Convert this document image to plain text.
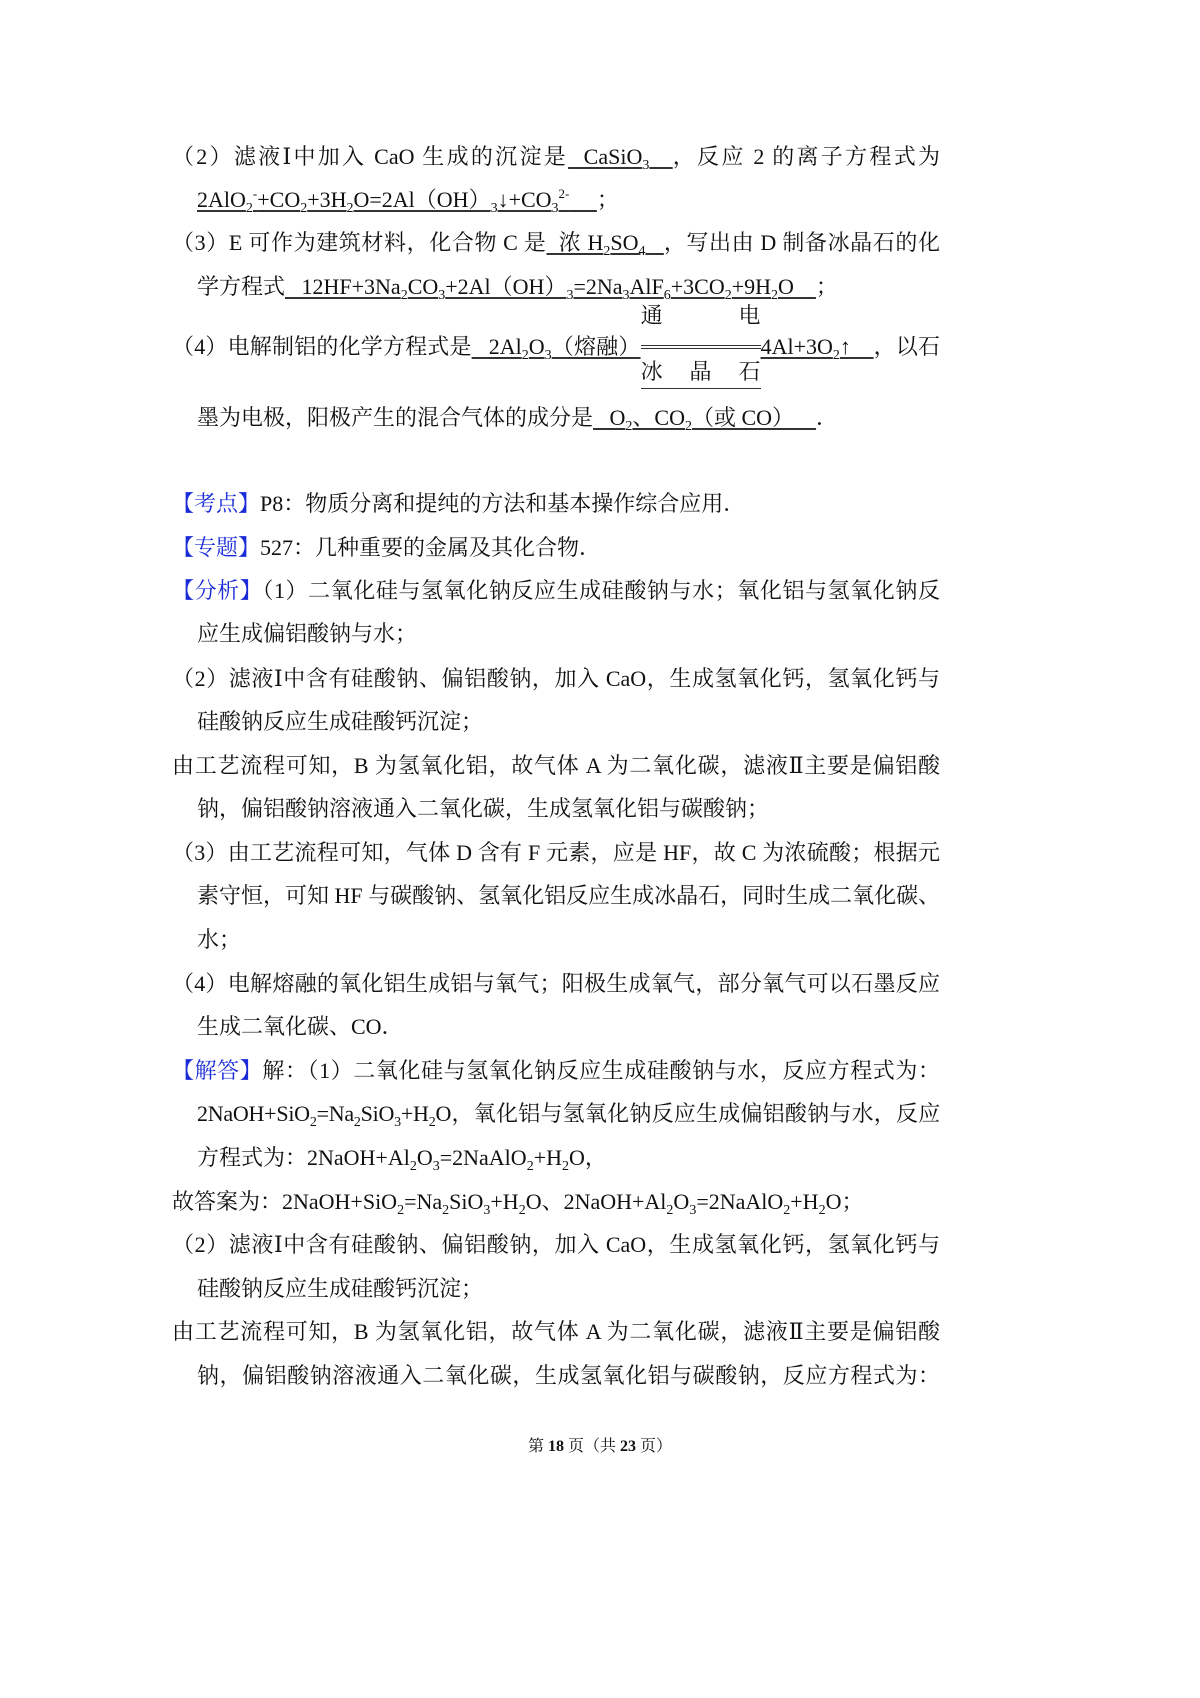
（2）滤液Ⅰ中加入 CaO 生成的沉淀是  CaSiO$_3$ ，反应 2 的离子方程式为
$2AlO_2^-+CO_2+3H_2O=2Al(OH)_3↓+CO_3^{2-}$ ；
（3）E 可作为建筑材料，化合物 C 是  浓 $H_2SO_4$ ，写出由 D 制备冰晶石的化
学方程式   $12HF+3Na_2CO_3+2Al(OH)_3=2Na_3AlF_6+3CO_2+9H_2O$    ；
（4）电解制铝的化学方程式是   $2Al_2O_3$（熔融）
通电
冰晶石
$4Al+3O_2↑$    ，以石
墨为电极，阳极产生的混合气体的成分是   $O_2$、$CO_2$（或 CO）    ．
【考点】P8：物质分离和提纯的方法和基本操作综合应用．
【专题】527：几种重要的金属及其化合物．
【分析】（1）二氧化硅与氢氧化钠反应生成硅酸钠与水；氧化铝与氢氧化钠反
应生成偏铝酸钠与水；
（2）滤液Ⅰ中含有硅酸钠、偏铝酸钠，加入 CaO，生成氢氧化钙，氢氧化钙与
硅酸钠反应生成硅酸钙沉淀；
由工艺流程可知，B 为氢氧化铝，故气体 A 为二氧化碳，滤液Ⅱ主要是偏铝酸
钠，偏铝酸钠溶液通入二氧化碳，生成氢氧化铝与碳酸钠；
（3）由工艺流程可知，气体 D 含有 F 元素，应是 HF，故 C 为浓硫酸；根据元
素守恒，可知 HF 与碳酸钠、氢氧化铝反应生成冰晶石，同时生成二氧化碳、
水；
（4）电解熔融的氧化铝生成铝与氧气；阳极生成氧气，部分氧气可以石墨反应
生成二氧化碳、CO．
【解答】解：（1）二氧化硅与氢氧化钠反应生成硅酸钠与水，反应方程式为：
$2NaOH+SiO_2=Na_2SiO_3+H_2O$，氧化铝与氢氧化钠反应生成偏铝酸钠与水，反应
方程式为：$2NaOH+Al_2O_3=2NaAlO_2+H_2O$，
故答案为：$2NaOH+SiO_2=Na_2SiO_3+H_2O$、$2NaOH+Al_2O_3=2NaAlO_2+H_2O$；
（2）滤液Ⅰ中含有硅酸钠、偏铝酸钠，加入 CaO，生成氢氧化钙，氢氧化钙与
硅酸钠反应生成硅酸钙沉淀；
由工艺流程可知，B 为氢氧化铝，故气体 A 为二氧化碳，滤液Ⅱ主要是偏铝酸
钠，偏铝酸钠溶液通入二氧化碳，生成氢氧化铝与碳酸钠，反应方程式为：
第 18 页（共 23 页）
